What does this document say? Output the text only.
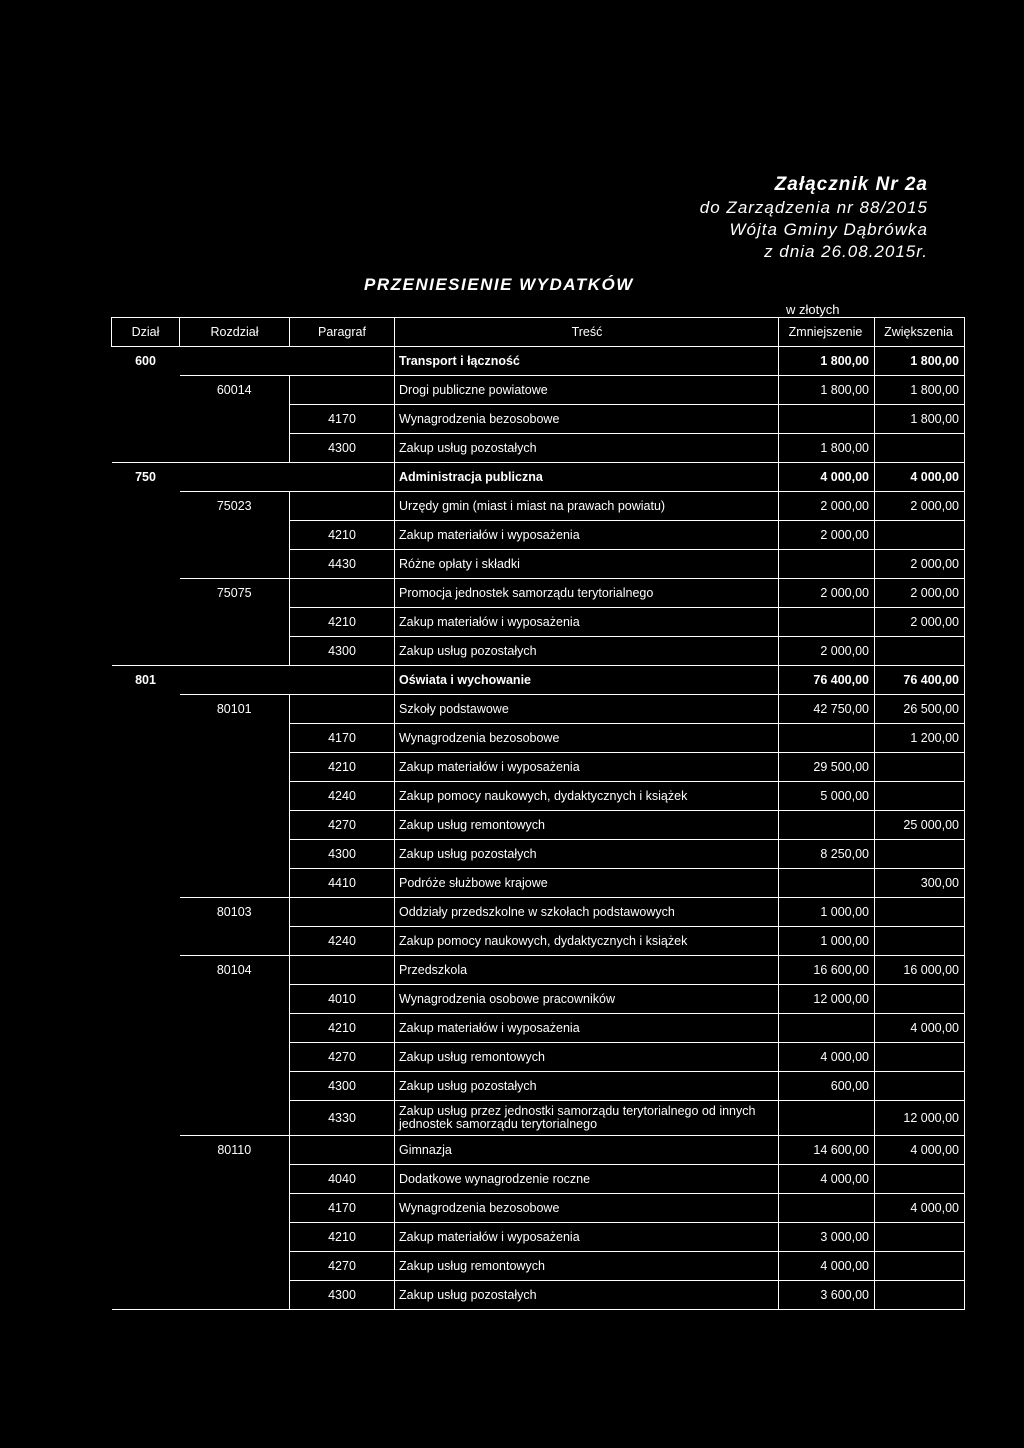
Załącznik Nr 2a
do Zarządzenia nr 88/2015
Wójta Gminy Dąbrówka
z dnia 26.08.2015r.
PRZENIESIENIE WYDATKÓW
w złotych
Dział	Rozdział	Paragraf	Treść	Zmniejszenie	Zwiększenia
600			Transport i łączność	1 800,00	1 800,00
	60014		Drogi publiczne powiatowe	1 800,00	1 800,00
		4170	Wynagrodzenia bezosobowe		1 800,00
		4300	Zakup usług pozostałych	1 800,00	
750			Administracja publiczna	4 000,00	4 000,00
	75023		Urzędy gmin (miast i miast na prawach powiatu)	2 000,00	2 000,00
		4210	Zakup materiałów i wyposażenia	2 000,00	
		4430	Różne opłaty i składki		2 000,00
	75075		Promocja jednostek samorządu terytorialnego	2 000,00	2 000,00
		4210	Zakup materiałów i wyposażenia		2 000,00
		4300	Zakup usług pozostałych	2 000,00	
801			Oświata i wychowanie	76 400,00	76 400,00
	80101		Szkoły podstawowe	42 750,00	26 500,00
		4170	Wynagrodzenia bezosobowe		1 200,00
		4210	Zakup materiałów i wyposażenia	29 500,00	
		4240	Zakup pomocy naukowych, dydaktycznych i książek	5 000,00	
		4270	Zakup usług remontowych		25 000,00
		4300	Zakup usług pozostałych	8 250,00	
		4410	Podróże służbowe krajowe		300,00
	80103		Oddziały przedszkolne w szkołach podstawowych	1 000,00	
		4240	Zakup pomocy naukowych, dydaktycznych i książek	1 000,00	
	80104		Przedszkola	16 600,00	16 000,00
		4010	Wynagrodzenia osobowe pracowników	12 000,00	
		4210	Zakup materiałów i wyposażenia		4 000,00
		4270	Zakup usług remontowych	4 000,00	
		4300	Zakup usług pozostałych	600,00	
		4330	Zakup usług przez jednostki samorządu terytorialnego od innych jednostek samorządu terytorialnego		12 000,00
	80110		Gimnazja	14 600,00	4 000,00
		4040	Dodatkowe wynagrodzenie roczne	4 000,00	
		4170	Wynagrodzenia bezosobowe		4 000,00
		4210	Zakup materiałów i wyposażenia	3 000,00	
		4270	Zakup usług remontowych	4 000,00	
		4300	Zakup usług pozostałych	3 600,00	
